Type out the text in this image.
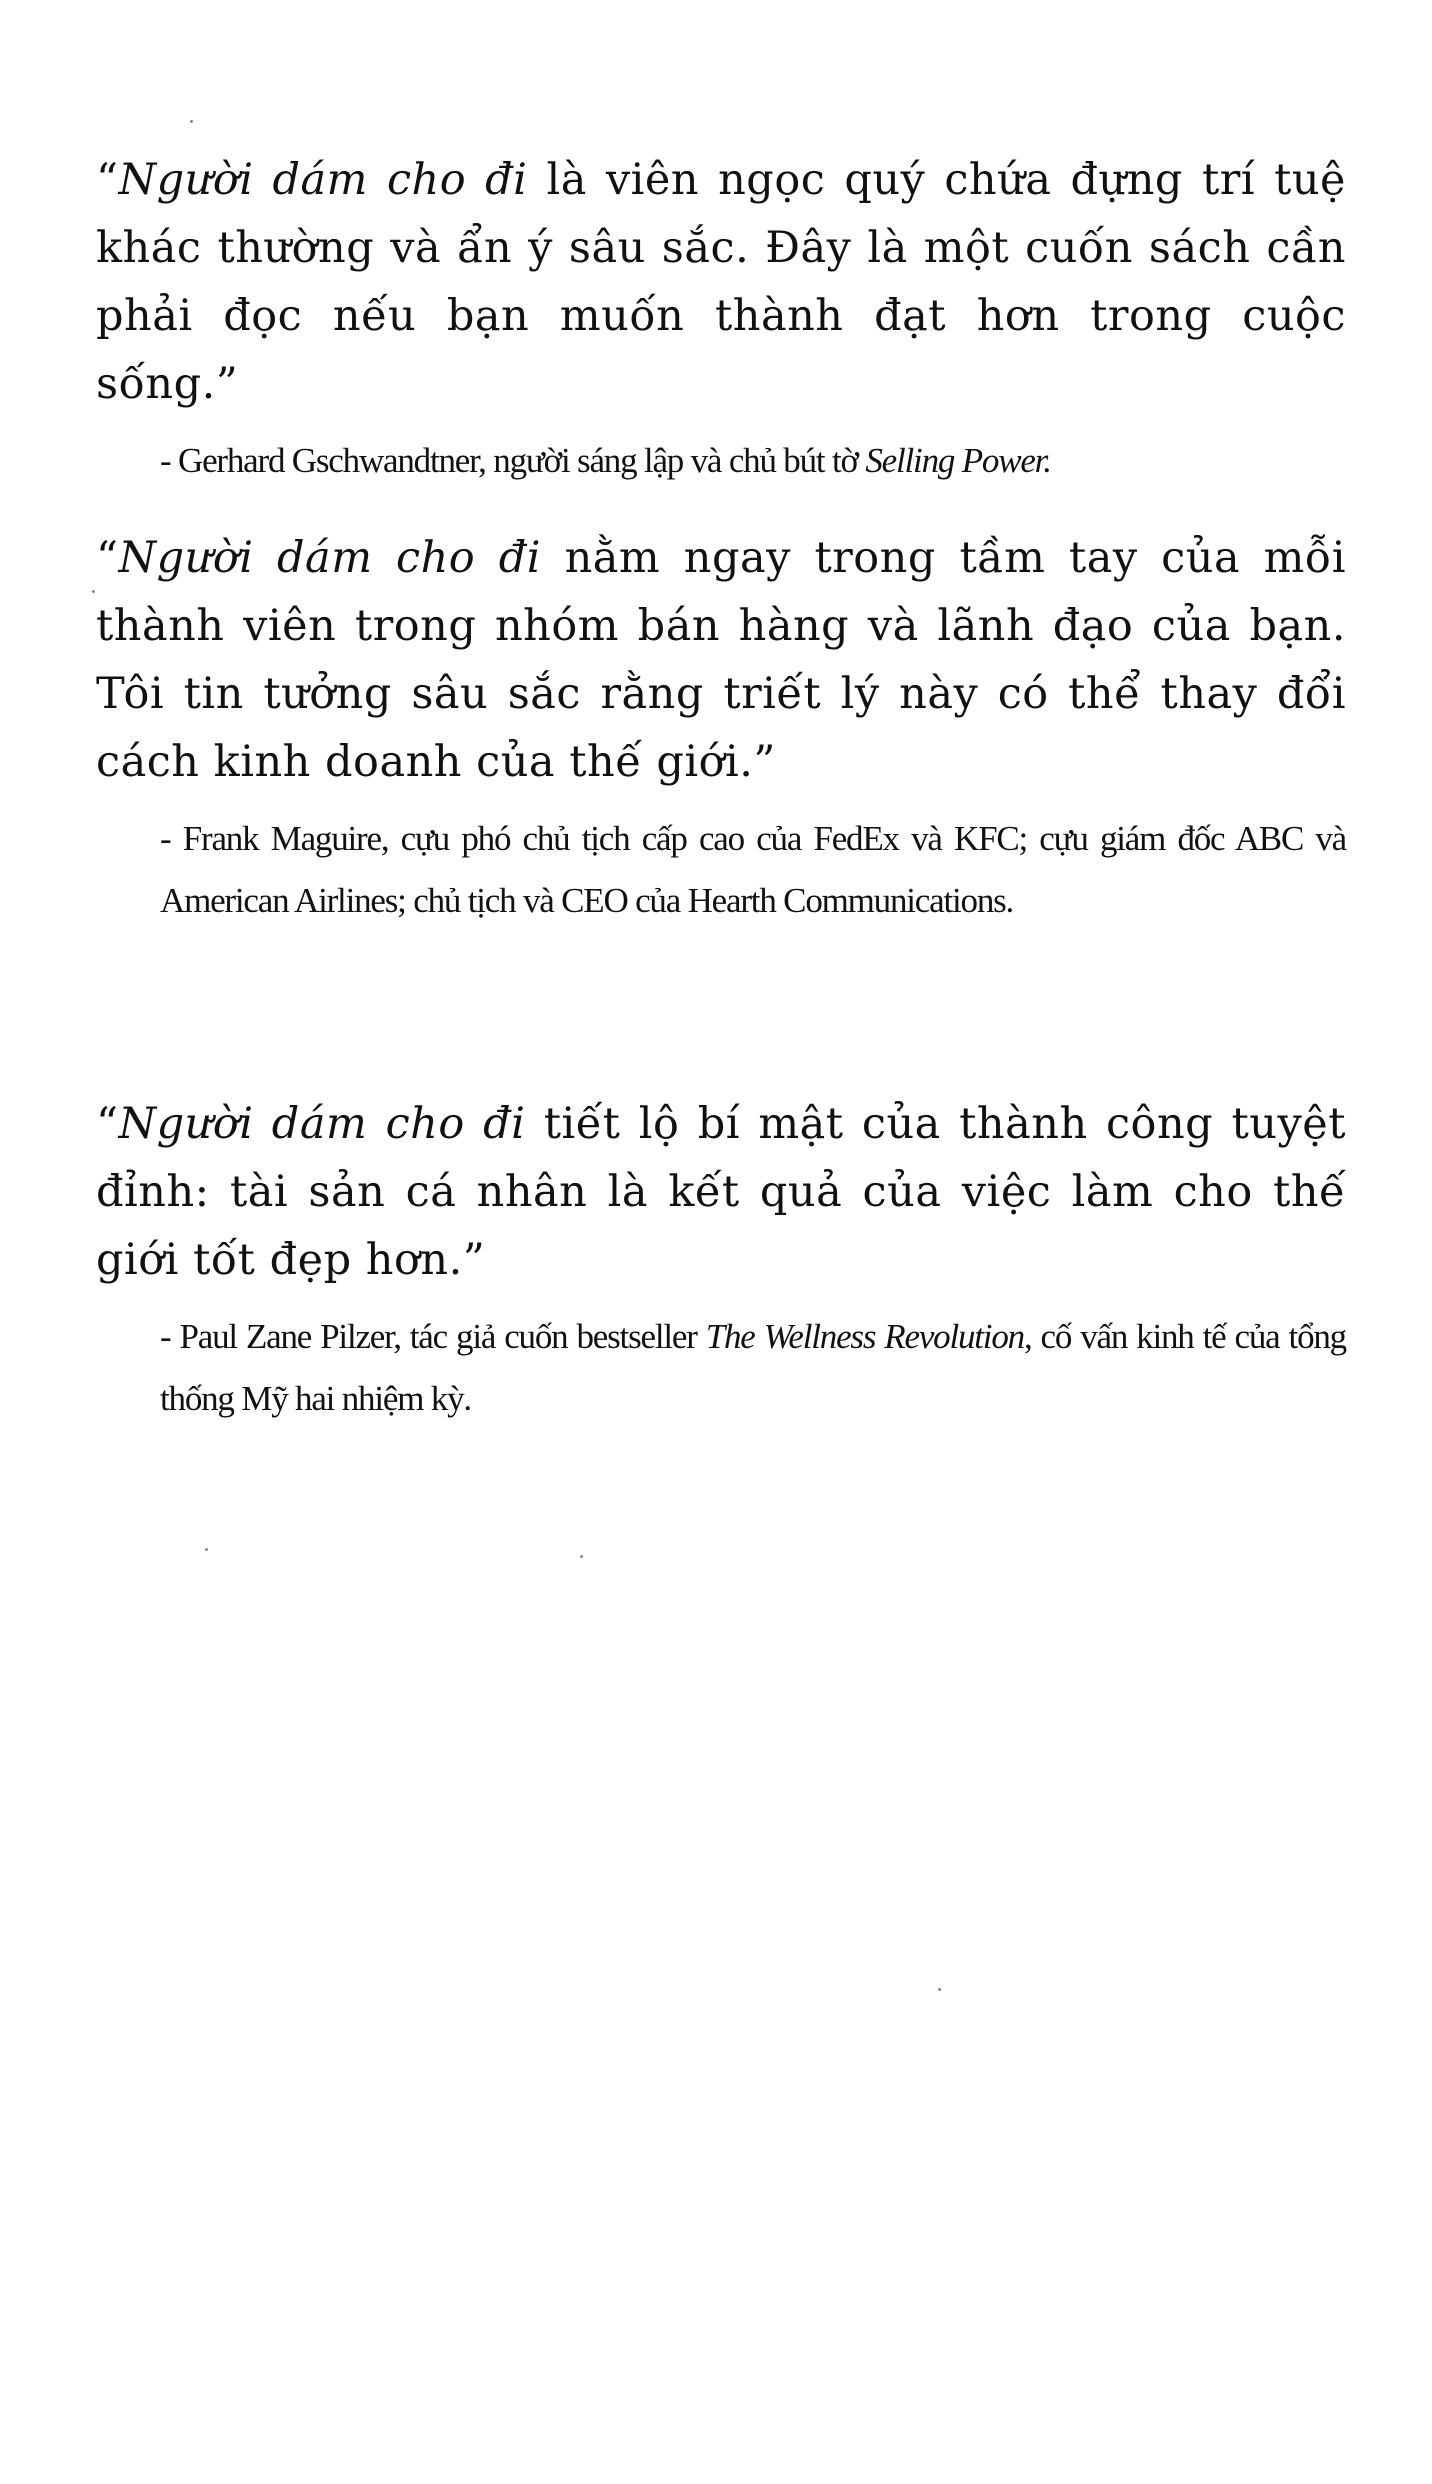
“Người dám cho đi là viên ngọc quý chứa đựng trí tuệ khác thường và ẩn ý sâu sắc. Đây là một cuốn sách cần phải đọc nếu bạn muốn thành đạt hơn trong cuộc sống.”

- Gerhard Gschwandtner, người sáng lập và chủ bút tờ Selling Power.

“Người dám cho đi nằm ngay trong tầm tay của mỗi thành viên trong nhóm bán hàng và lãnh đạo của bạn. Tôi tin tưởng sâu sắc rằng triết lý này có thể thay đổi cách kinh doanh của thế giới.”

- Frank Maguire, cựu phó chủ tịch cấp cao của FedEx và KFC; cựu giám đốc ABC và American Airlines; chủ tịch và CEO của Hearth Communications.

“Người dám cho đi tiết lộ bí mật của thành công tuyệt đỉnh: tài sản cá nhân là kết quả của việc làm cho thế giới tốt đẹp hơn.”

- Paul Zane Pilzer, tác giả cuốn bestseller The Wellness Revolution, cố vấn kinh tế của tổng thống Mỹ hai nhiệm kỳ.
